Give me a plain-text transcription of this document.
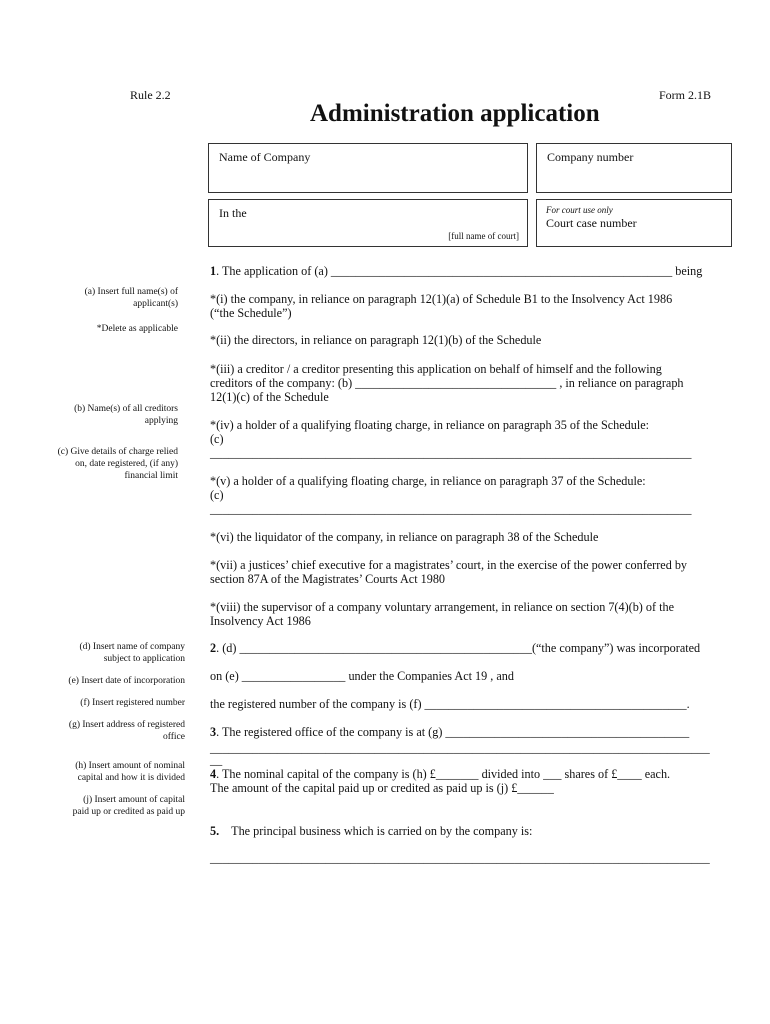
Rule 2.2	Form 2.1B
Administration application
Name of Company	Company number
In the
[full name of court]
For court use only
Court case number
(a) Insert full name(s) of
applicant(s)
*Delete as applicable
(b) Name(s) of all creditors
applying
(c) Give details of charge relied
on, date registered, (if any)
financial limit
(d) Insert name of company
subject to application
(e) Insert date of incorporation
(f) Insert registered number
(g) Insert address of registered
office
(h) Insert amount of nominal
capital and how it is divided
(j) Insert amount of capital
paid up or credited as paid up
1. The application of (a) ________________________________________________________ being
*(i) the company, in reliance on paragraph 12(1)(a) of Schedule B1 to the Insolvency Act 1986
(“the Schedule”)
*(ii) the directors, in reliance on paragraph 12(1)(b) of the Schedule
*(iii) a creditor / a creditor presenting this application on behalf of himself and the following
creditors of the company: (b) _________________________________ , in reliance on paragraph
12(1)(c) of the Schedule
*(iv) a holder of a qualifying floating charge, in reliance on paragraph 35 of the Schedule:
(c)
_______________________________________________________________________________
*(v) a holder of a qualifying floating charge, in reliance on paragraph 37 of the Schedule:
(c)
_______________________________________________________________________________
*(vi) the liquidator of the company, in reliance on paragraph 38 of the Schedule
*(vii) a justices’ chief executive for a magistrates’ court, in the exercise of the power conferred by
section 87A of the Magistrates’ Courts Act 1980
*(viii) the supervisor of a company voluntary arrangement, in reliance on section 7(4)(b) of the
Insolvency Act 1986
2. (d) ________________________________________________(“the company”) was incorporated
on (e) _________________ under the Companies Act 19 , and
the registered number of the company is (f) ___________________________________________.
3. The registered office of the company is at (g) ________________________________________
__________________________________________________________________________________
__
4. The nominal capital of the company is (h) £_______ divided into ___ shares of £____ each.
The amount of the capital paid up or credited as paid up is (j) £______
5. The principal business which is carried on by the company is:
__________________________________________________________________________________
